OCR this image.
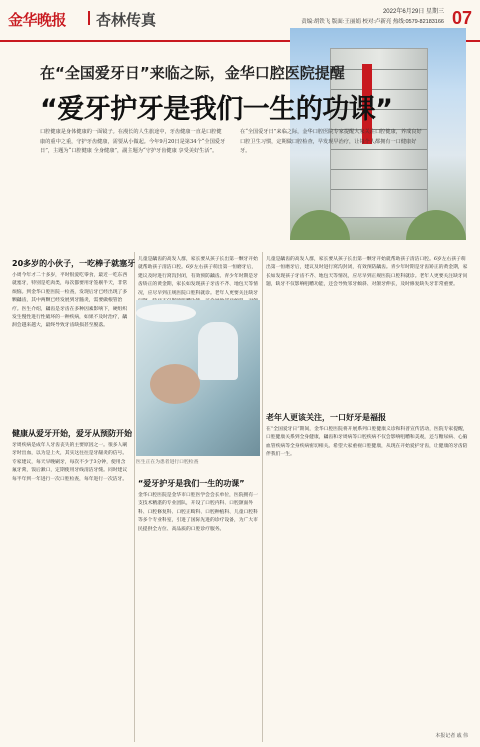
金华晚报 杏林传真	2022年6月29日 星期三
责编:胡铁飞 版面:王丽娟 校对:卢新亮 热线:0579-82183166 07
在“全国爱牙日”来临之际，金华口腔医院提醒
“爱牙护牙是我们一生的功课”
口腔健康是身体健康的一面镜子。在漫长的人生旅途中，牙齿健康一直是口腔健康的重中之重，守护牙齿健康，需要从小做起。今年9月20日是第34个“全国爱牙日”，主题为“口腔健康 全身健康”，副主题为“守护牙齿健康 享受美好生活”。
在“全国爱牙日”来临之际，金华口腔医院专家提醒大家关注口腔健康，养成良好口腔卫生习惯，定期做口腔检查，早发现早治疗，让每个人都拥有一口健康好牙。
20多岁的小伙子，一吃棒子就塞牙
小周今年才二十多岁，平时很爱吃零食，最近一吃东西就塞牙，特别是吃肉类，每次都要用牙签剔半天，非常烦恼。到金华口腔医院一检查，发现后牙已经出现了多颗龋齿，其中两颗已经发展到牙髓炎，需要做根管治疗。医生介绍，龋齿是牙齿在多种因素影响下，硬组织发生慢性进行性破坏的一种疾病，如果不及时治疗，龋洞会越来越大，最终导致牙齿缺损甚至脱落。
健康从爱牙开始，爱牙从预防开始
牙周疾病是成年人牙齿丧失的主要原因之一。很多人刷牙时出血，以为是上火，其实这往往是牙龈炎的信号。专家建议，每天早晚刷牙，每次不少于3分钟，使用含氟牙膏，饭后漱口，定期使用牙线清洁牙缝。同时建议每半年到一年进行一次口腔检查，每年进行一次洁牙。
儿童是龋齿的高发人群，家长要从孩子长出第一颗牙开始就帮助孩子清洁口腔。6岁左右孩子萌出第一恒磨牙后，建议及时进行窝沟封闭，有效预防龋齿。青少年时期是牙齿矫正的黄金期，家长如发现孩子牙齿不齐、地包天等情况，应尽早到正规医院口腔科就诊。老年人更要关注缺牙
医生正在为患者进行口腔检查
“爱牙护牙是我们一生的功课”
金华口腔医院是金华市口腔医学会会长单位，医院拥有一支技术精湛的专业团队，开设了口腔内科、口腔颌面外科、口腔修复科、口腔正畸科、口腔种植科、儿童口腔科等多个专业科室，引进了国际先进的诊疗设备，为广大市民提供全方位、高品质的口腔诊疗服务。
儿童是龋齿的高发人群，家长要从孩子长出第一颗牙开始就帮助孩子清洁口腔。6岁左右孩子萌出第一恒磨牙后，建议及时进行窝沟封闭，有效预防龋齿。青少年时期是牙齿矫正的黄金期，家长如发现孩子牙齿不齐、地包天等情况，应尽早到正规医院口腔科就诊。老年人更要关注缺牙问题，缺牙不仅影响咀嚼功能，还会导致邻牙倾斜、对颌牙伸长，及时修复缺失牙非常重要。
老年人更该关注，一口好牙是福报
在“全国爱牙日”期间，金华口腔医院将开展系列口腔健康义诊和科普宣传活动，医院专家提醒，口腔健康关系到全身健康，龋齿和牙周病等口腔疾病不仅会影响咀嚼和美观，还与糖尿病、心脑血管疾病等全身疾病密切相关。希望大家重视口腔健康，从现在开始爱护牙齿，让健康的牙齿陪伴我们一生。
本报记者 戚 伟
